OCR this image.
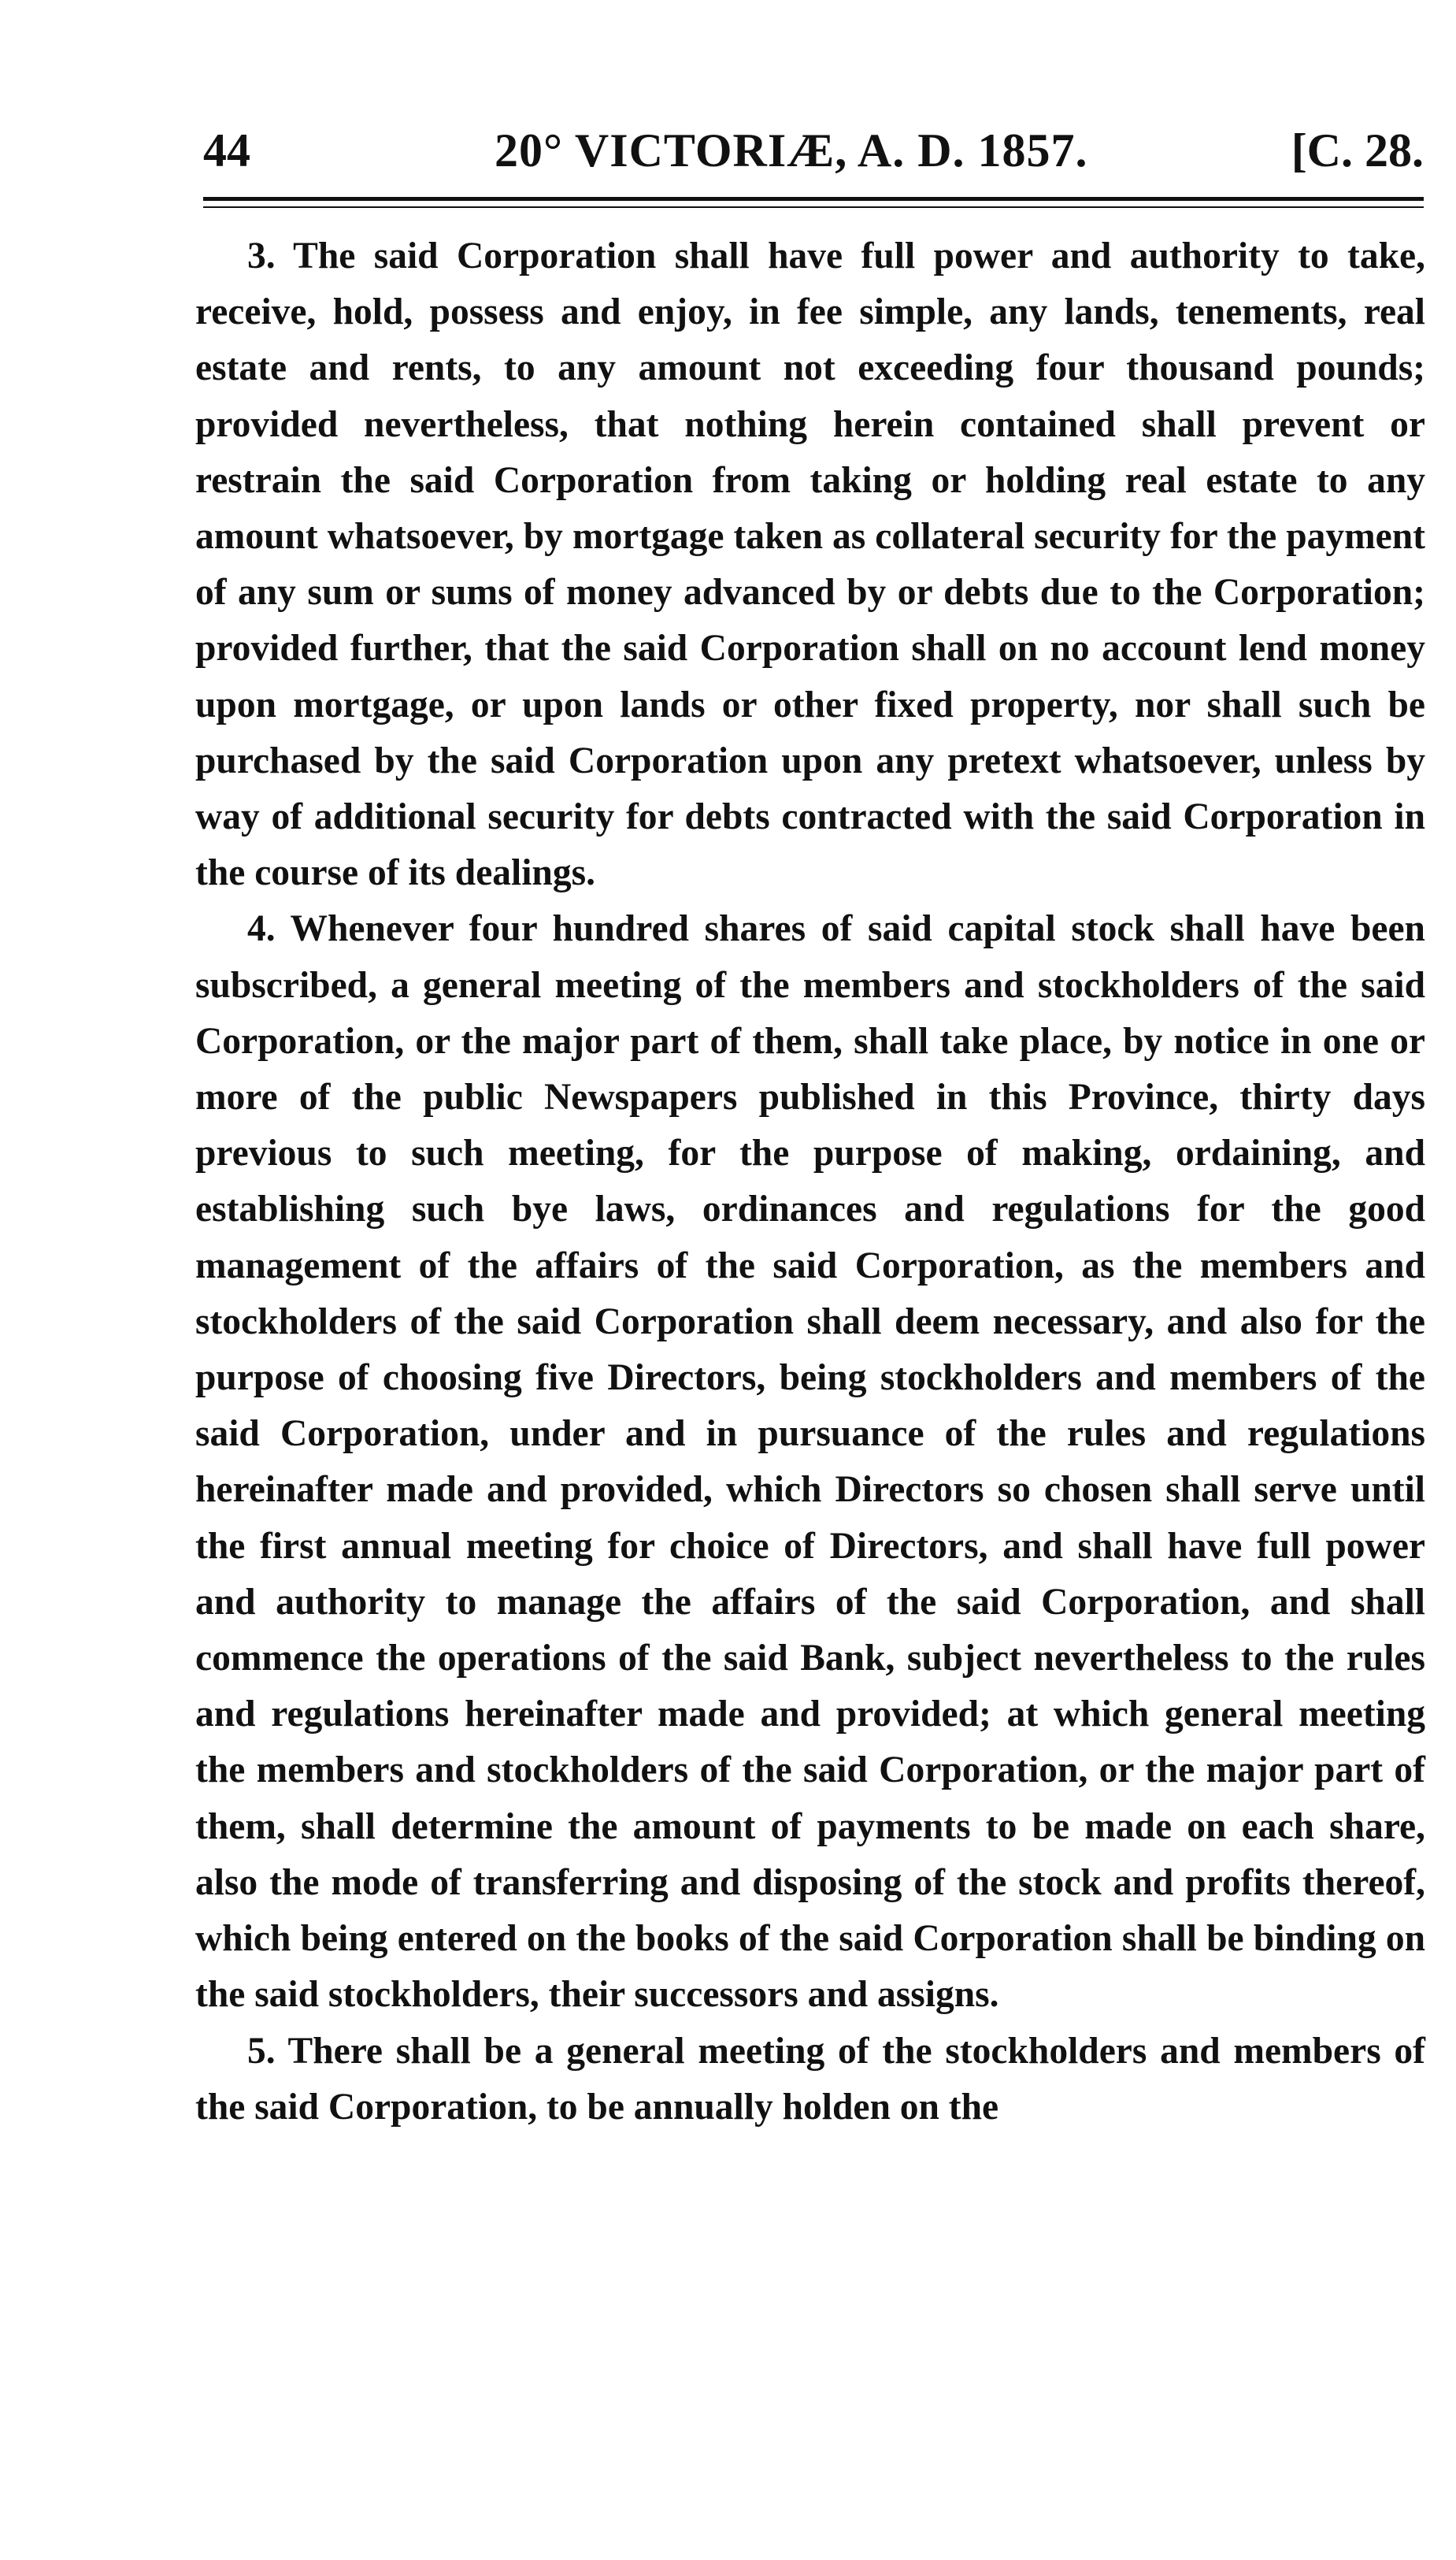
44	20° VICTORIÆ, A. D. 1857.	[C. 28.

3. The said Corporation shall have full power and authority to take, receive, hold, possess and enjoy, in fee simple, any lands, tenements, real estate and rents, to any amount not exceeding four thousand pounds; provided nevertheless, that nothing herein contained shall prevent or restrain the said Corporation from taking or holding real estate to any amount whatsoever, by mortgage taken as collateral security for the payment of any sum or sums of money advanced by or debts due to the Corporation; provided further, that the said Corporation shall on no account lend money upon mortgage, or upon lands or other fixed property, nor shall such be purchased by the said Corporation upon any pretext whatsoever, unless by way of additional security for debts contracted with the said Corporation in the course of its dealings.

4. Whenever four hundred shares of said capital stock shall have been subscribed, a general meeting of the members and stockholders of the said Corporation, or the major part of them, shall take place, by notice in one or more of the public Newspapers published in this Province, thirty days previous to such meeting, for the purpose of making, ordaining, and establishing such bye laws, ordinances and regulations for the good management of the affairs of the said Corporation, as the members and stockholders of the said Corporation shall deem necessary, and also for the purpose of choosing five Directors, being stockholders and members of the said Corporation, under and in pursuance of the rules and regulations hereinafter made and provided, which Directors so chosen shall serve until the first annual meeting for choice of Directors, and shall have full power and authority to manage the affairs of the said Corporation, and shall commence the operations of the said Bank, subject nevertheless to the rules and regulations hereinafter made and provided; at which general meeting the members and stockholders of the said Corporation, or the major part of them, shall determine the amount of payments to be made on each share, also the mode of transferring and disposing of the stock and profits thereof, which being entered on the books of the said Corporation shall be binding on the said stockholders, their successors and assigns.

5. There shall be a general meeting of the stockholders and members of the said Corporation, to be annually holden on the
